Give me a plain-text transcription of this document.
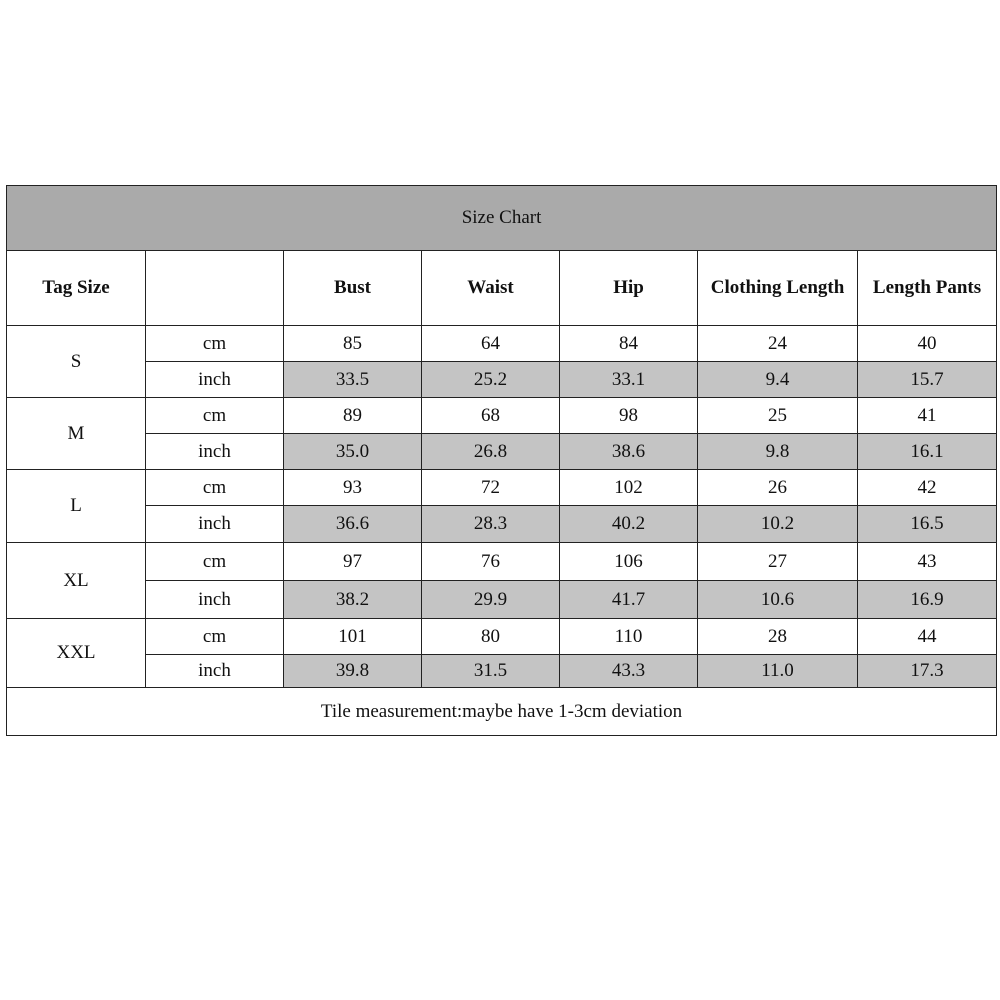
Size Chart						
Tag Size		Bust	Waist	Hip	Clothing Length	Length Pants
S	cm	85	64	84	24	40
	inch	33.5	25.2	33.1	9.4	15.7
M	cm	89	68	98	25	41
	inch	35.0	26.8	38.6	9.8	16.1
L	cm	93	72	102	26	42
	inch	36.6	28.3	40.2	10.2	16.5
XL	cm	97	76	106	27	43
	inch	38.2	29.9	41.7	10.6	16.9
XXL	cm	101	80	110	28	44
	inch	39.8	31.5	43.3	11.0	17.3
Tile measurement:maybe have 1-3cm deviation						
